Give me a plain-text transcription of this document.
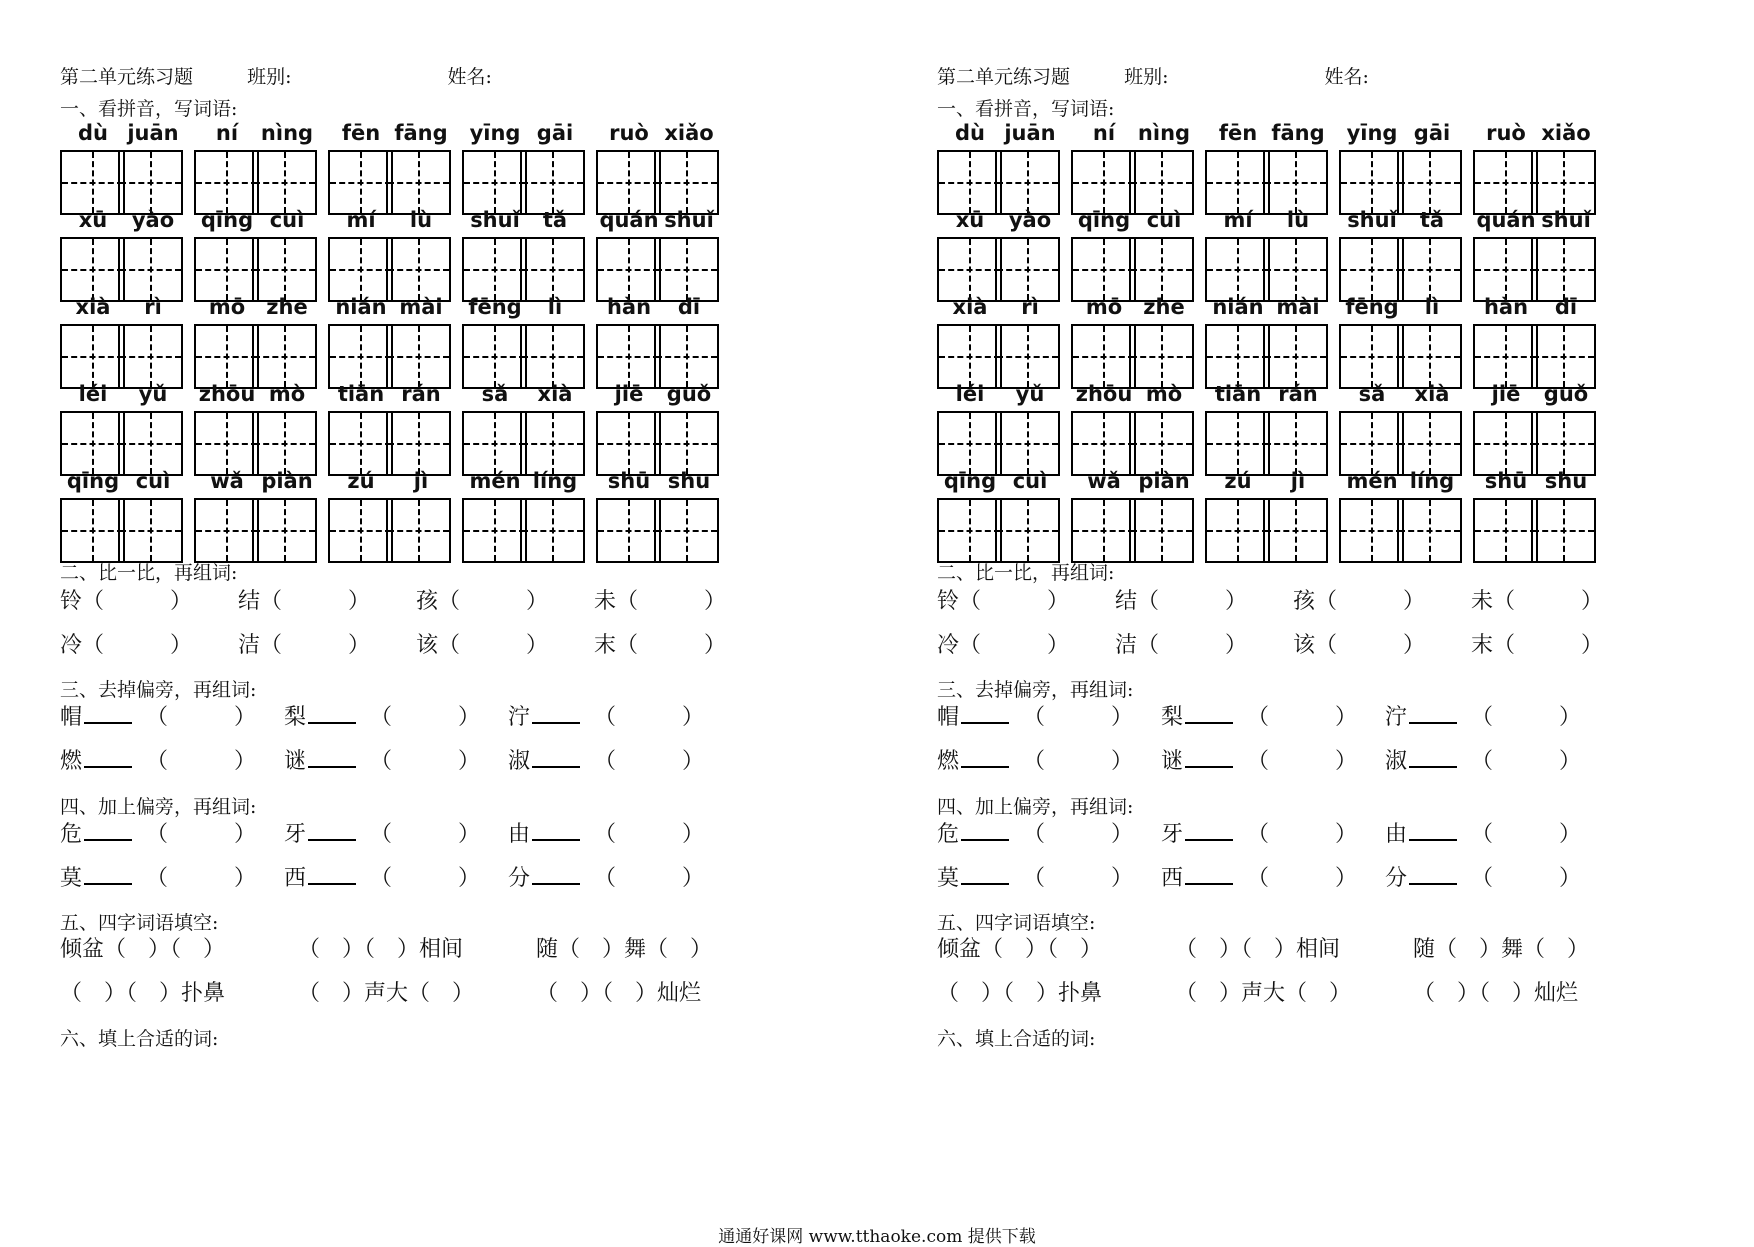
第二单元练习题	班别:	姓名:
一、看拼音，写词语:
dù juān	ní	nìng	fēn fāng	yīng gāi	ruò xiǎo
xū	yào	qīng cuì	mí	lù	shuǐ	tǎ	quán shuǐ
xià	rì	mō	zhe	nián mài	fēng	lì	hàn	dī
léi	yǔ	zhōu mò	tiān rán	sǎ	xià	jiē	guǒ
qīng cuì	wǎ piàn	zú	jì	mén líng	shū shu
二、比一比，再组词:
铃（　　　） 结（　　　） 孩（　　　） 未（　　　）
冷（　　　） 洁（　　　） 该（　　　） 末（　　　）
三、去掉偏旁，再组词:
帽	（　　　） 梨	（　　　） 泞	（　　　）
燃	（　　　） 谜	（　　　） 淑	（　　　）
四、加上偏旁，再组词:
危	（　　　） 牙	（　　　） 由	（　　　）
莫	（　　　） 西	（　　　） 分	（　　　）
五、四字词语填空:
倾盆（　）（　）	（　）（　）相间	随（　）舞（　）
（　）（　）扑鼻	（　）声大（　）	（　）（　）灿烂
六、填上合适的词:
第二单元练习题	班别:	姓名:
一、看拼音，写词语:
dù juān	ní	nìng	fēn fāng	yīng gāi	ruò xiǎo
xū	yào	qīng cuì	mí	lù	shuǐ	tǎ	quán shuǐ
xià	rì	mō	zhe	nián mài	fēng	lì	hàn	dī
léi	yǔ	zhōu mò	tiān rán	sǎ	xià	jiē	guǒ
qīng cuì	wǎ piàn	zú	jì	mén líng	shū shu
二、比一比，再组词:
铃（　　　） 结（　　　） 孩（　　　） 未（　　　）
冷（　　　） 洁（　　　） 该（　　　） 末（　　　）
三、去掉偏旁，再组词:
帽	（　　　） 梨	（　　　） 泞	（　　　）
燃	（　　　） 谜	（　　　） 淑	（　　　）
四、加上偏旁，再组词:
危	（　　　） 牙	（　　　） 由	（　　　）
莫	（　　　） 西	（　　　） 分	（　　　）
五、四字词语填空:
倾盆（　）（　）	（　）（　）相间	随（　）舞（　）
（　）（　）扑鼻	（　）声大（　）	（　）（　）灿烂
六、填上合适的词:
通通好课网 www.tthaoke.com 提供下载
